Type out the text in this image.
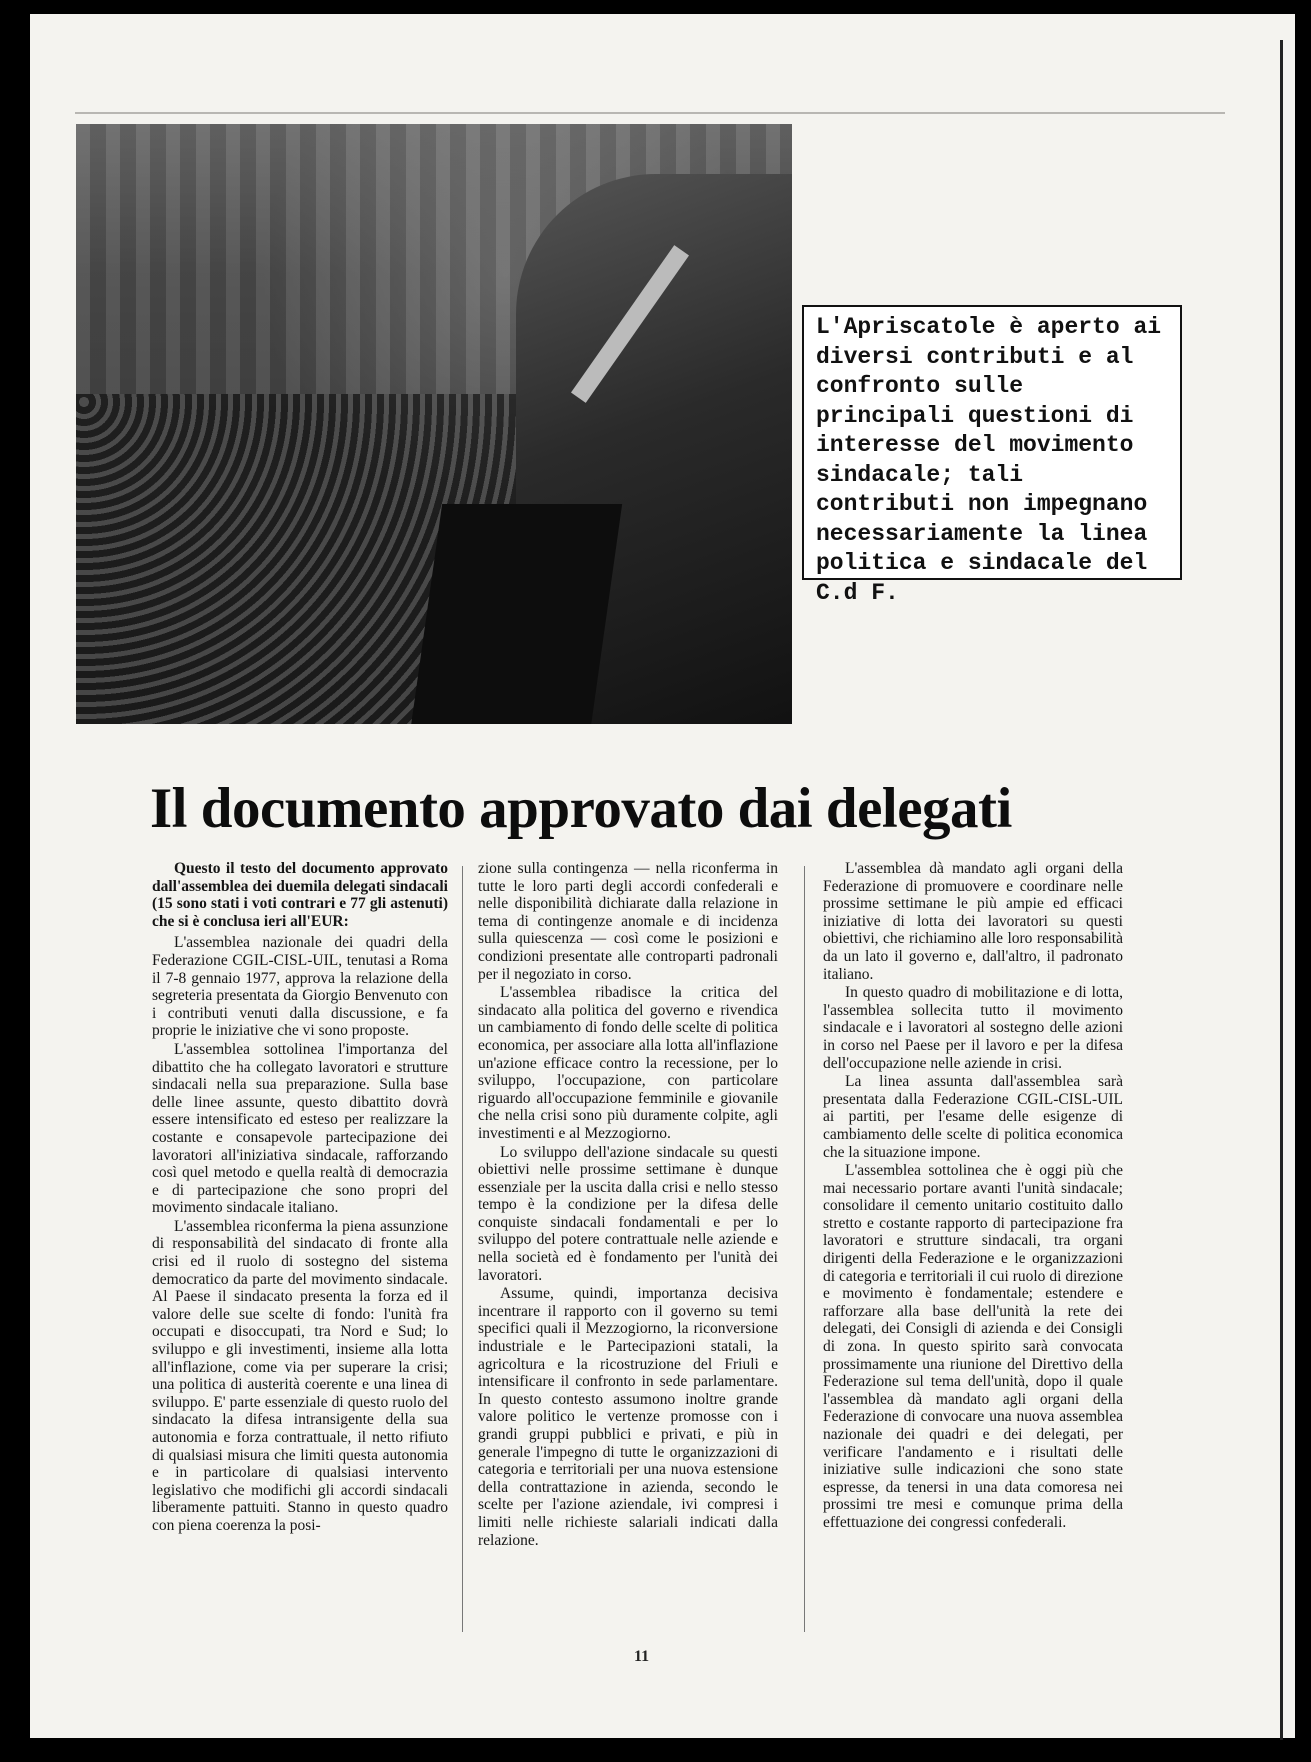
L'Apriscatole è aperto ai diversi contributi e al confronto sulle principali questioni di interesse del movimento sindacale; tali contributi non impegnano necessariamente la linea politica e sindacale del C.d F.

Il documento approvato dai delegati

Questo il testo del documento approvato dall'assemblea dei duemila delegati sindacali (15 sono stati i voti contrari e 77 gli astenuti) che si è conclusa ieri all'EUR:

L'assemblea nazionale dei quadri della Federazione CGIL-CISL-UIL, tenutasi a Roma il 7-8 gennaio 1977, approva la relazione della segreteria presentata da Giorgio Benvenuto con i contributi venuti dalla discussione, e fa proprie le iniziative che vi sono proposte.

L'assemblea sottolinea l'importanza del dibattito che ha collegato lavoratori e strutture sindacali nella sua preparazione. Sulla base delle linee assunte, questo dibattito dovrà essere intensificato ed esteso per realizzare la costante e consapevole partecipazione dei lavoratori all'iniziativa sindacale, rafforzando così quel metodo e quella realtà di democrazia e di partecipazione che sono propri del movimento sindacale italiano.

L'assemblea riconferma la piena assunzione di responsabilità del sindacato di fronte alla crisi ed il ruolo di sostegno del sistema democratico da parte del movimento sindacale. Al Paese il sindacato presenta la forza ed il valore delle sue scelte di fondo: l'unità fra occupati e disoccupati, tra Nord e Sud; lo sviluppo e gli investimenti, insieme alla lotta all'inflazione, come via per superare la crisi; una politica di austerità coerente e una linea di sviluppo. E' parte essenziale di questo ruolo del sindacato la difesa intransigente della sua autonomia e forza contrattuale, il netto rifiuto di qualsiasi misura che limiti questa autonomia e in particolare di qualsiasi intervento legislativo che modifichi gli accordi sindacali liberamente pattuiti. Stanno in questo quadro con piena coerenza la posi-

zione sulla contingenza — nella riconferma in tutte le loro parti degli accordi confederali e nelle disponibilità dichiarate dalla relazione in tema di contingenze anomale e di incidenza sulla quiescenza — così come le posizioni e condizioni presentate alle controparti padronali per il negoziato in corso.

L'assemblea ribadisce la critica del sindacato alla politica del governo e rivendica un cambiamento di fondo delle scelte di politica economica, per associare alla lotta all'inflazione un'azione efficace contro la recessione, per lo sviluppo, l'occupazione, con particolare riguardo all'occupazione femminile e giovanile che nella crisi sono più duramente colpite, agli investimenti e al Mezzogiorno.

Lo sviluppo dell'azione sindacale su questi obiettivi nelle prossime settimane è dunque essenziale per la uscita dalla crisi e nello stesso tempo è la condizione per la difesa delle conquiste sindacali fondamentali e per lo sviluppo del potere contrattuale nelle aziende e nella società ed è fondamento per l'unità dei lavoratori.

Assume, quindi, importanza decisiva incentrare il rapporto con il governo su temi specifici quali il Mezzogiorno, la riconversione industriale e le Partecipazioni statali, la agricoltura e la ricostruzione del Friuli e intensificare il confronto in sede parlamentare. In questo contesto assumono inoltre grande valore politico le vertenze promosse con i grandi gruppi pubblici e privati, e più in generale l'impegno di tutte le organizzazioni di categoria e territoriali per una nuova estensione della contrattazione in azienda, secondo le scelte per l'azione aziendale, ivi compresi i limiti nelle richieste salariali indicati dalla relazione.

L'assemblea dà mandato agli organi della Federazione di promuovere e coordinare nelle prossime settimane le più ampie ed efficaci iniziative di lotta dei lavoratori su questi obiettivi, che richiamino alle loro responsabilità da un lato il governo e, dall'altro, il padronato italiano.

In questo quadro di mobilitazione e di lotta, l'assemblea sollecita tutto il movimento sindacale e i lavoratori al sostegno delle azioni in corso nel Paese per il lavoro e per la difesa dell'occupazione nelle aziende in crisi.

La linea assunta dall'assemblea sarà presentata dalla Federazione CGIL-CISL-UIL ai partiti, per l'esame delle esigenze di cambiamento delle scelte di politica economica che la situazione impone.

L'assemblea sottolinea che è oggi più che mai necessario portare avanti l'unità sindacale; consolidare il cemento unitario costituito dallo stretto e costante rapporto di partecipazione fra lavoratori e strutture sindacali, tra organi dirigenti della Federazione e le organizzazioni di categoria e territoriali il cui ruolo di direzione e movimento è fondamentale; estendere e rafforzare alla base dell'unità la rete dei delegati, dei Consigli di azienda e dei Consigli di zona. In questo spirito sarà convocata prossimamente una riunione del Direttivo della Federazione sul tema dell'unità, dopo il quale l'assemblea dà mandato agli organi della Federazione di convocare una nuova assemblea nazionale dei quadri e dei delegati, per verificare l'andamento e i risultati delle iniziative sulle indicazioni che sono state espresse, da tenersi in una data comoresa nei prossimi tre mesi e comunque prima della effettuazione dei congressi confederali.

11
